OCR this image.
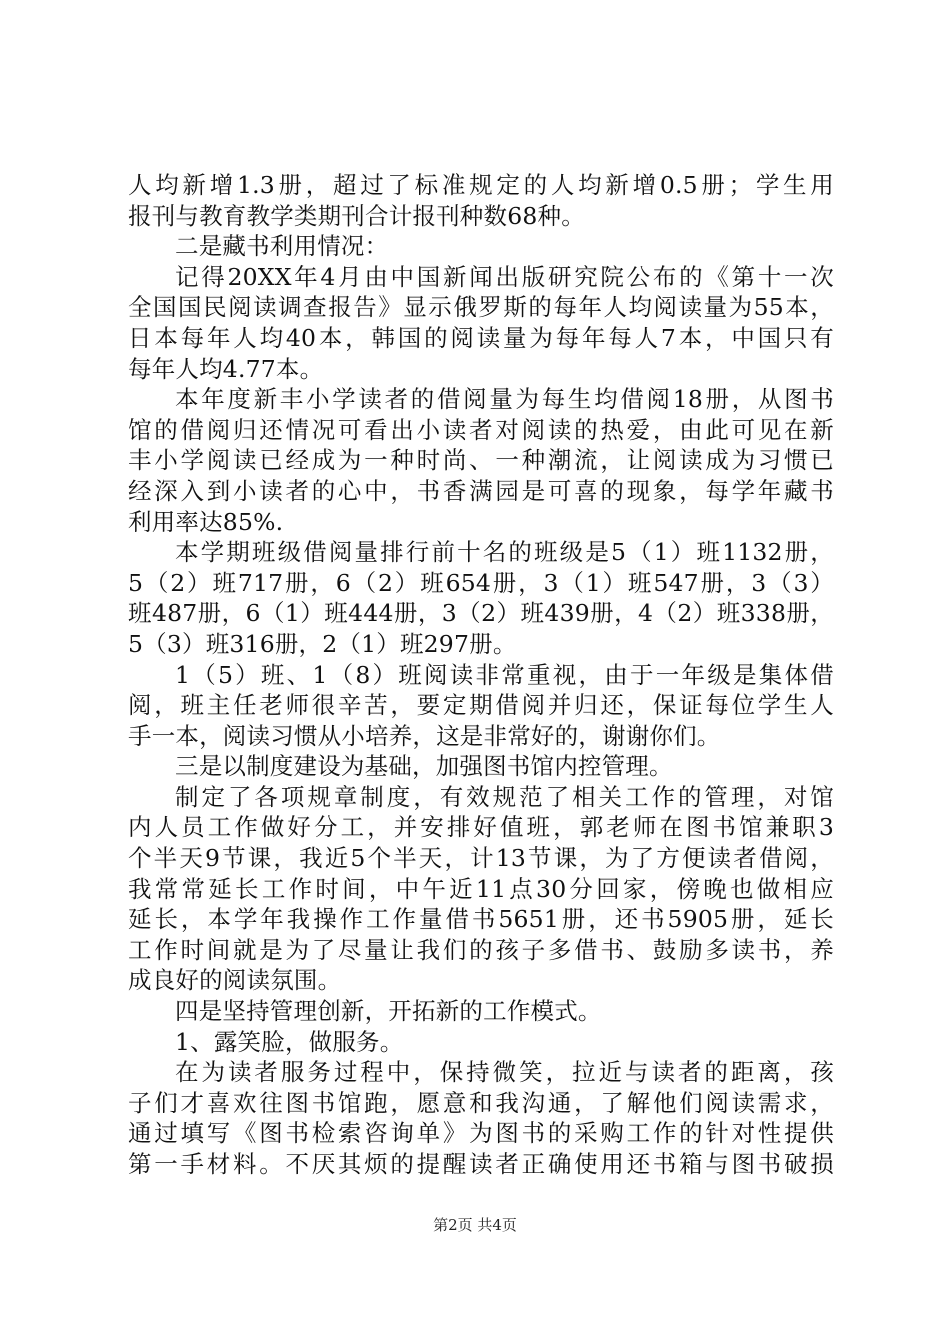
人均新增1.3册，超过了标准规定的人均新增0.5册；学生用
报刊与教育教学类期刊合计报刊种数68种。
二是藏书利用情况：
记得20XX年4月由中国新闻出版研究院公布的《第十一次
全国国民阅读调查报告》显示俄罗斯的每年人均阅读量为55本，
日本每年人均40本，韩国的阅读量为每年每人7本，中国只有
每年人均4.77本。
本年度新丰小学读者的借阅量为每生均借阅18册，从图书
馆的借阅归还情况可看出小读者对阅读的热爱，由此可见在新
丰小学阅读已经成为一种时尚、一种潮流，让阅读成为习惯已
经深入到小读者的心中，书香满园是可喜的现象，每学年藏书
利用率达85%.
本学期班级借阅量排行前十名的班级是5（1）班1132册，
5（2）班717册，6（2）班654册，3（1）班547册，3（3）
班487册，6（1）班444册，3（2）班439册，4（2）班338册，
5（3）班316册，2（1）班297册。
1（5）班、1（8）班阅读非常重视，由于一年级是集体借
阅，班主任老师很辛苦，要定期借阅并归还，保证每位学生人
手一本，阅读习惯从小培养，这是非常好的，谢谢你们。
三是以制度建设为基础，加强图书馆内控管理。
制定了各项规章制度，有效规范了相关工作的管理，对馆
内人员工作做好分工，并安排好值班，郭老师在图书馆兼职3
个半天9节课，我近5个半天，计13节课，为了方便读者借阅，
我常常延长工作时间，中午近11点30分回家，傍晚也做相应
延长，本学年我操作工作量借书5651册，还书5905册，延长
工作时间就是为了尽量让我们的孩子多借书、鼓励多读书，养
成良好的阅读氛围。
四是坚持管理创新，开拓新的工作模式。
1、露笑脸，做服务。
在为读者服务过程中，保持微笑，拉近与读者的距离，孩
子们才喜欢往图书馆跑，愿意和我沟通，了解他们阅读需求，
通过填写《图书检索咨询单》为图书的采购工作的针对性提供
第一手材料。不厌其烦的提醒读者正确使用还书箱与图书破损
第2页 共4页
